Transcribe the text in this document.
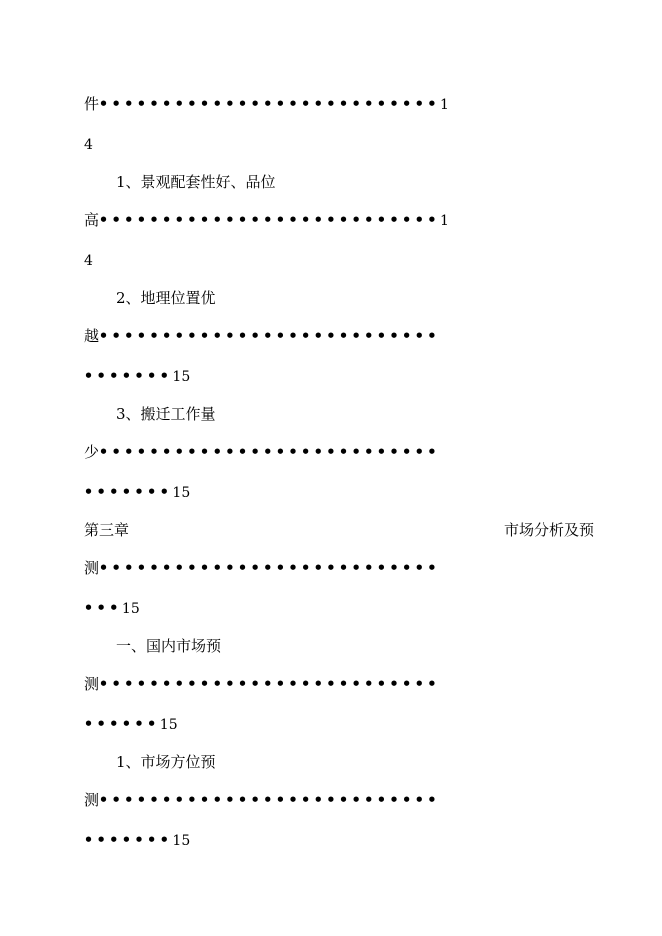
件•••••••••••••••••••••••••••1
4
1、景观配套性好、品位
高•••••••••••••••••••••••••••1
4
2、地理位置优
越•••••••••••••••••••••••••••
•••••••15
3、搬迁工作量
少•••••••••••••••••••••••••••
•••••••15
第三章	市场分析及预
测•••••••••••••••••••••••••••
•••15
一、国内市场预
测•••••••••••••••••••••••••••
••••••15
1、市场方位预
测•••••••••••••••••••••••••••
•••••••15
